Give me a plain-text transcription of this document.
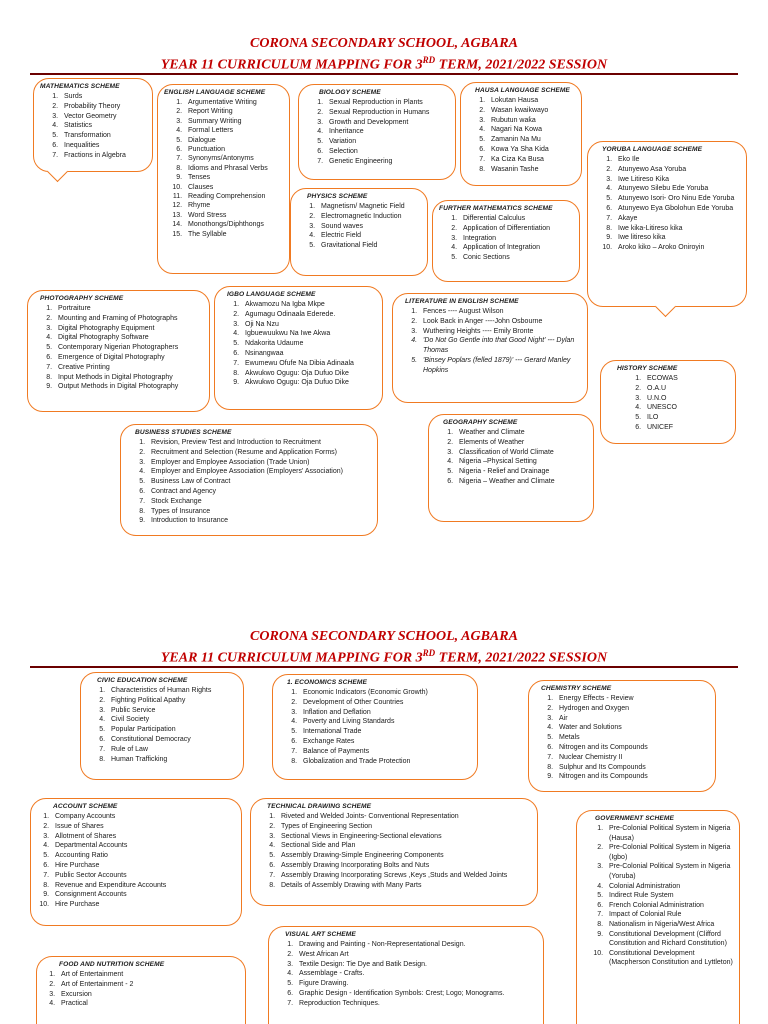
CORONA SECONDARY SCHOOL, AGBARA
YEAR 11 CURRICULUM MAPPING FOR 3RD TERM, 2021/2022 SESSION
MATHEMATICS SCHEME
1. Surds
2. Probability Theory
3. Vector Geometry
4. Statistics
5. Transformation
6. Inequalities
7. Fractions in Algebra
ENGLISH LANGUAGE SCHEME
1. Argumentative Writing
2. Report Writing
3. Summary Writing
4. Formal Letters
5. Dialogue
6. Punctuation
7. Synonyms/Antonyms
8. Idioms and Phrasal Verbs
9. Tenses
10. Clauses
11. Reading Comprehension
12. Rhyme
13. Word Stress
14. Monothongs/Diphthongs
15. The Syllable
BIOLOGY SCHEME
1. Sexual Reproduction in Plants
2. Sexual Reproduction in Humans
3. Growth and Development
4. Inheritance
5. Variation
6. Selection
7. Genetic Engineering
HAUSA LANGUAGE SCHEME
1. Lokutan Hausa
2. Wasan kwaikwayo
3. Rubutun waƙa
4. Nagari Na Kowa
5. Zamanin Na Mu
6. Kowa Ya Sha Kida
7. Ka Ciza Ka Busa
8. Wasanin Tashe
YORUBA LANGUAGE SCHEME
1. Eko Ile
2. Atunyewo Asa Yoruba
3. Iwe Litireso Kika
4. Atunyewo Silebu Ede Yoruba
5. Atunyewo Isori- Oro Ninu Ede Yoruba
6. Atunyewo Eya Gbolohun Ede Yoruba
7. Akaye
8. Iwe kika-Litireso kika
9. Iwe litireso kika
10. Aroko kiko – Aroko Oniroyin
PHYSICS SCHEME
1. Magnetism/ Magnetic Field
2. Electromagnetic Induction
3. Sound waves
4. Electric Field
5. Gravitational Field
FURTHER MATHEMATICS SCHEME
1. Differential Calculus
2. Application of Differentiation
3. Integration
4. Application of Integration
5. Conic Sections
PHOTOGRAPHY SCHEME
1. Portraiture
2. Mounting and Framing of Photographs
3. Digital Photography Equipment
4. Digital Photography Software
5. Contemporary Nigerian Photographers
6. Emergence of Digital Photography
7. Creative Printing
8. Input Methods in Digital Photography
9. Output Methods in Digital Photography
IGBO LANGUAGE SCHEME
1. Akwamozu Na Igba Mkpe
2. Agumagu Odinaala Ederede.
3. Oji Na Nzu
4. Igbuewuukwu Na Iwe Akwa
5. Ndakorita Udaume
6. Nsinangwaa
7. Ewumewu Ofufe Na Dibia Adinaala
8. Akwukwo Ogugu: Oja Dufuo Dike
9. Akwukwo Ogugu: Oja Dufuo Dike
LITERATURE IN ENGLISH SCHEME
1. Fences ---- August Wilson
2. Look Back in Anger ----John Osbourne
3. Wuthering Heights ---- Emily Bronte
4. 'Do Not Go Gentle into that Good Night' --- Dylan Thomas
5. 'Binsey Poplars (felled 1879)' --- Gerard Manley Hopkins	HISTORY SCHEME
1. ECOWAS
2. O.A.U
3. U.N.O
4. UNESCO
5. ILO
6. UNICEF
BUSINESS STUDIES SCHEME
1. Revision, Preview Test and Introduction to Recruitment
2. Recruitment and Selection (Resume and Application Forms)
3. Employer and Employee Association (Trade Union)
4. Employer and Employee Association (Employers' Association)
5. Business Law of Contract
6. Contract and Agency
7. Stock Exchange
8. Types of Insurance
9. Introduction to Insurance
GEOGRAPHY SCHEME
1. Weather and Climate
2. Elements of Weather
3. Classification of World Climate
4. Nigeria –Physical Setting
5. Nigeria - Relief and Drainage
6. Nigeria – Weather and Climate
CORONA SECONDARY SCHOOL, AGBARA
YEAR 11 CURRICULUM MAPPING FOR 3RD TERM, 2021/2022 SESSION
CIVIC EDUCATION SCHEME
1. Characteristics of Human Rights
2. Fighting Political Apathy
3. Public Service
4. Civil Society
5. Popular Participation
6. Constitutional Democracy
7. Rule of Law
8. Human Trafficking
1. ECONOMICS SCHEME
1. Economic Indicators (Economic Growth)
2. Development of Other Countries
3. Inflation and Deflation
4. Poverty and Living Standards
5. International Trade
6. Exchange Rates
7. Balance of Payments
8. Globalization and Trade Protection
CHEMISTRY SCHEME
1. Energy Effects - Review
2. Hydrogen and Oxygen
3. Air
4. Water and Solutions
5. Metals
6. Nitrogen and its Compounds
7. Nuclear Chemistry II
8. Sulphur and Its Compounds
9. Nitrogen and its Compounds
ACCOUNT SCHEME
1. Company Accounts
2. Issue of Shares
3. Allotment of Shares
4. Departmental Accounts
5. Accounting Ratio
6. Hire Purchase
7. Public Sector Accounts
8. Revenue and Expenditure Accounts
9. Consignment Accounts
10. Hire Purchase
TECHNICAL DRAWING SCHEME
1. Riveted and Welded Joints- Conventional Representation
2. Types of Engineering Section
3. Sectional Views in Engineering-Sectional elevations
4. Sectional Side and Plan
5. Assembly Drawing-Simple Engineering Components
6. Assembly Drawing Incorporating Bolts and Nuts
7. Assembly Drawing Incorporating Screws ,Keys ,Studs and Welded Joints
8. Details of Assembly Drawing with Many Parts
GOVERNMENT SCHEME
1. Pre-Colonial Political System in Nigeria (Hausa)
2. Pre-Colonial Political System in Nigeria (Igbo)
3. Pre-Colonial Political System in Nigeria (Yoruba)
4. Colonial Administration
5. Indirect Rule System
6. French Colonial Administration
7. Impact of Colonial Rule
8. Nationalism in Nigeria/West Africa
9. Constitutional Development (Clifford Constitution and Richard Constitution)
10. Constitutional Development (Macpherson Constitution and Lyttleton)
VISUAL ART SCHEME
1. Drawing and Painting - Non-Representational Design.
2. West African Art
3. Textile Design: Tie Dye and Batik Design.
4. Assemblage - Crafts.
5. Figure Drawing.
6. Graphic Design - Identification Symbols: Crest; Logo; Monograms.
7. Reproduction Techniques.
FOOD AND NUTRITION SCHEME
1. Art of Entertainment
2. Art of Entertainment - 2
3. Excursion
4. Practical
